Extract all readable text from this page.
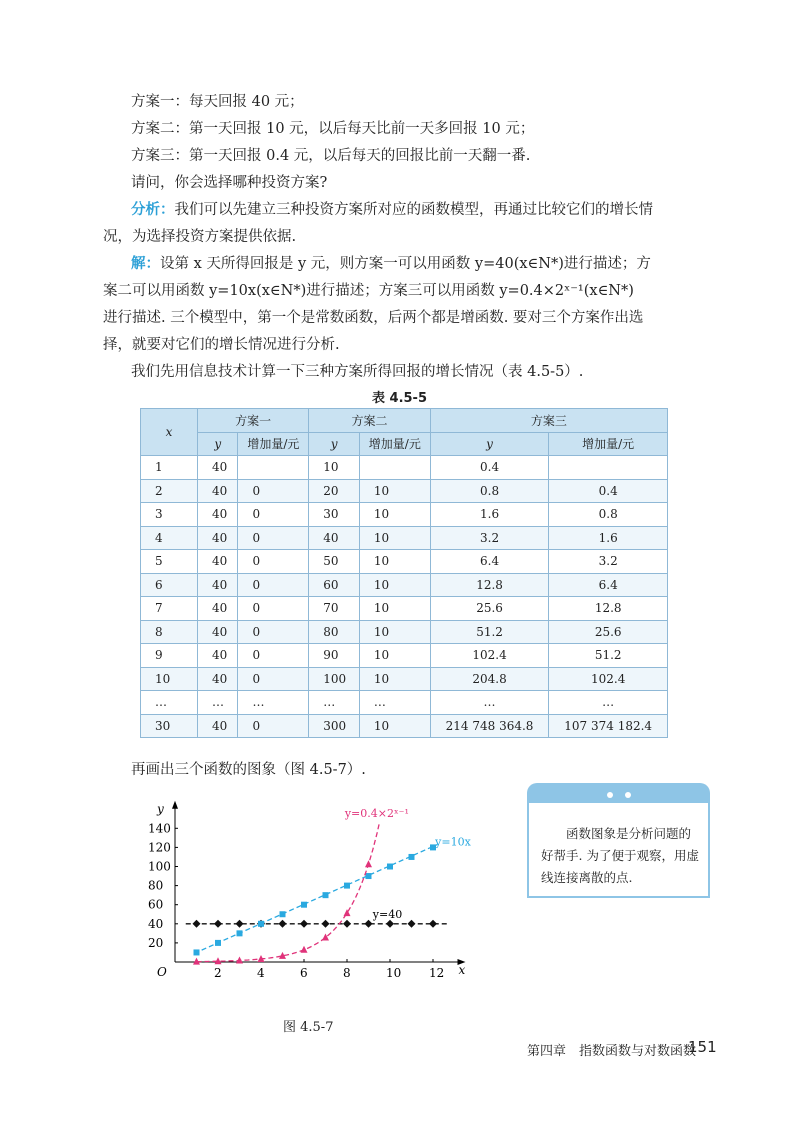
方案一：每天回报 40 元；
方案二：第一天回报 10 元，以后每天比前一天多回报 10 元；
方案三：第一天回报 0.4 元，以后每天的回报比前一天翻一番.
请问，你会选择哪种投资方案?
分析：我们可以先建立三种投资方案所对应的函数模型，再通过比较它们的增长情
况，为选择投资方案提供依据.
解：设第 x 天所得回报是 y 元，则方案一可以用函数 y=40(x∈N*)进行描述；方
案二可以用函数 y=10x(x∈N*)进行描述；方案三可以用函数 y=0.4×2ˣ⁻¹(x∈N*)
进行描述. 三个模型中，第一个是常数函数，后两个都是增函数. 要对三个方案作出选
择，就要对它们的增长情况进行分析.
我们先用信息技术计算一下三种方案所得回报的增长情况（表 4.5-5）.
表 4.5-5
x	方案一		方案二		方案三	
	y	增加量/元	y	增加量/元	y	增加量/元
1	40		10		0.4	
2	40	0	20	10	0.8	0.4
3	40	0	30	10	1.6	0.8
4	40	0	40	10	3.2	1.6
5	40	0	50	10	6.4	3.2
6	40	0	60	10	12.8	6.4
7	40	0	70	10	25.6	12.8
8	40	0	80	10	51.2	25.6
9	40	0	90	10	102.4	51.2
10	40	0	100	10	204.8	102.4
…	…	…	…	…	…	…
30	40	0	300	10	214 748 364.8	107 374 182.4
再画出三个函数的图象（图 4.5-7）.
x
y
O	2	4	6	8	10 12
20
40
60
80
100
120
140
y=40
y=10x
y=0.4×2ˣ⁻¹
图 4.5-7
函数图象是分析问题的好帮手. 为了便于观察，用虚线连接离散的点.
第四章　指数函数与对数函数
151
